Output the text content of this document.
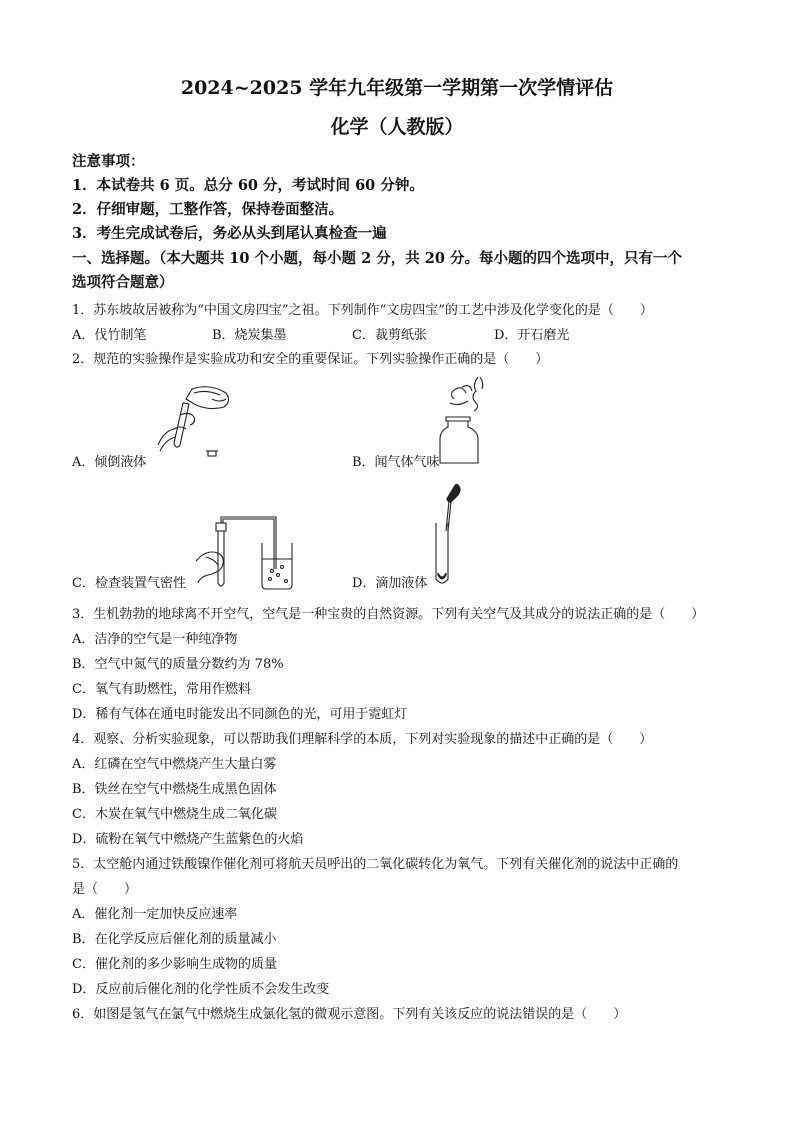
2024~2025 学年九年级第一学期第一次学情评估
化学（人教版）
注意事项：
1．本试卷共 6 页。总分 60 分，考试时间 60 分钟。
2．仔细审题，工整作答，保持卷面整洁。
3．考生完成试卷后，务必从头到尾认真检查一遍
一、选择题。（本大题共 10 个小题，每小题 2 分，共 20 分。每小题的四个选项中，只有一个
选项符合题意）
1．苏东坡故居被称为“中国文房四宝”之祖。下列制作“文房四宝”的工艺中涉及化学变化的是（　　）
A．伐竹制笔	B．烧炭集墨	C．裁剪纸张	D．开石磨光
2．规范的实验操作是实验成功和安全的重要保证。下列实验操作正确的是（　　）
A．倾倒液体	B．闻气体气味
C．检查装置气密性	D．滴加液体
3．生机勃勃的地球离不开空气，空气是一种宝贵的自然资源。下列有关空气及其成分的说法正确的是（　　）
A．洁净的空气是一种纯净物
B．空气中氮气的质量分数约为 78%
C．氧气有助燃性，常用作燃料
D．稀有气体在通电时能发出不同颜色的光，可用于霓虹灯
4．观察、分析实验现象，可以帮助我们理解科学的本质，下列对实验现象的描述中正确的是（　　）
A．红磷在空气中燃烧产生大量白雾
B．铁丝在空气中燃烧生成黑色固体
C．木炭在氧气中燃烧生成二氧化碳
D．硫粉在氧气中燃烧产生蓝紫色的火焰
5．太空舱内通过铁酸镍作催化剂可将航天员呼出的二氧化碳转化为氧气。下列有关催化剂的说法中正确的
是（　　）
A．催化剂一定加快反应速率
B．在化学反应后催化剂的质量减小
C．催化剂的多少影响生成物的质量
D．反应前后催化剂的化学性质不会发生改变
6．如图是氢气在氯气中燃烧生成氯化氢的微观示意图。下列有关该反应的说法错误的是（　　）
